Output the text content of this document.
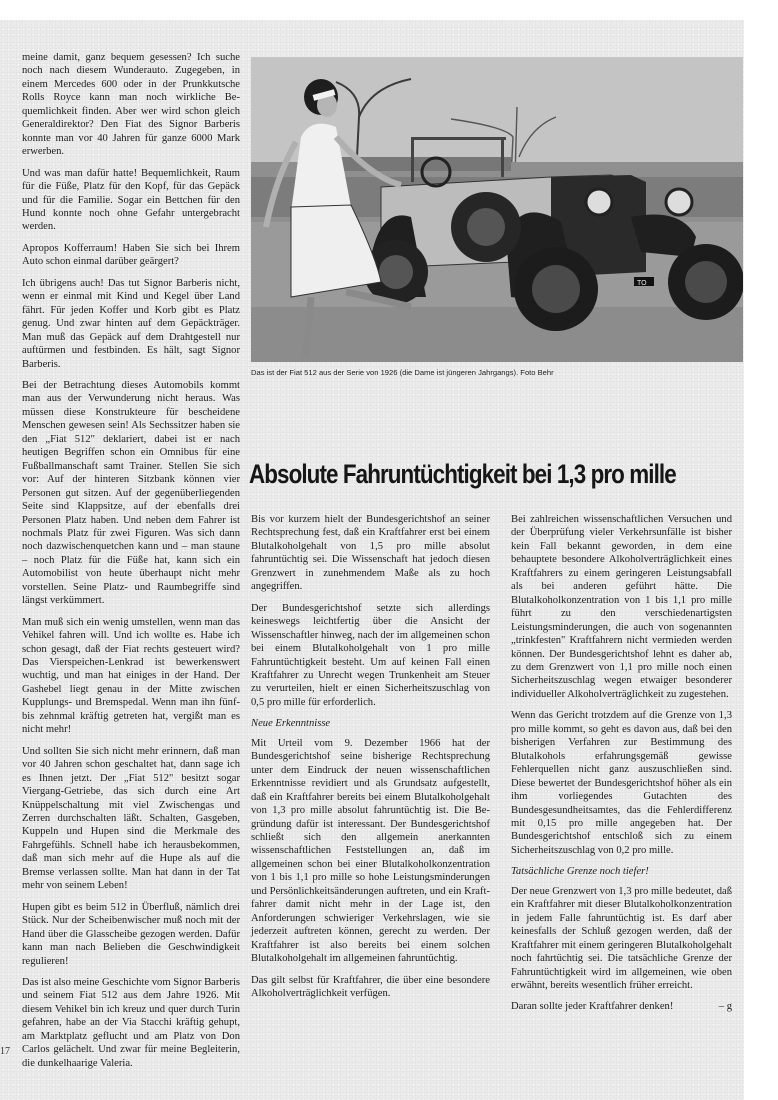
meine damit, ganz bequem gesessen? Ich suche noch nach diesem Wunderauto. Zugegeben, in einem Mercedes 600 oder in der Prunkkutsche Rolls Royce kann man noch wirkliche Bequemlichkeit finden. Aber wer wird schon gleich Generaldirektor? Den Fiat des Signor Barberis konnte man vor 40 Jahren für ganze 6000 Mark erwerben.

Und was man dafür hatte! Bequemlichkeit, Raum für die Füße, Platz für den Kopf, für das Gepäck und für die Familie. Sogar ein Bettchen für den Hund konnte noch ohne Gefahr untergebracht werden.

Apropos Kofferraum! Haben Sie sich bei Ihrem Auto schon einmal darüber geärgert?

Ich übrigens auch! Das tut Signor Barberis nicht, wenn er einmal mit Kind und Kegel über Land fährt. Für jeden Koffer und Korb gibt es Platz genug. Und zwar hinten auf dem Gepäckträger. Man muß das Gepäck auf dem Drahtgestell nur auftürmen und festbinden. Es hält, sagt Signor Barberis.

Bei der Betrachtung dieses Automobils kommt man aus der Verwunderung nicht heraus. Was müssen diese Konstrukteure für bescheidene Menschen gewesen sein! Als Sechssitzer haben sie den „Fiat 512" deklariert, dabei ist er nach heutigen Begriffen schon ein Omnibus für eine Fußballmanschaft samt Trainer. Stellen Sie sich vor: Auf der hinteren Sitzbank können vier Personen gut sitzen. Auf der gegenüberliegenden Seite sind Klappsitze, auf der ebenfalls drei Personen Platz haben. Und neben dem Fahrer ist nochmals Platz für zwei Figuren. Was sich dann noch dazwischenquetchen kann und – man staune – noch Platz für die Füße hat, kann sich ein Automobilist von heute überhaupt nicht mehr vorstellen. Seine Platz- und Raumbegriffe sind längst verkümmert.

Man muß sich ein wenig umstellen, wenn man das Vehikel fahren will. Und ich wollte es. Habe ich schon gesagt, daß der Fiat rechts gesteuert wird? Das Vierspeichen-Lenkrad ist bewerkenswert wuchtig, und man hat einiges in der Hand. Der Gashebel liegt genau in der Mitte zwischen Kupplungs- und Bremspedal. Wenn man ihn fünf- bis zehnmal kräftig getreten hat, vergißt man es nicht mehr!

Und sollten Sie sich nicht mehr erinnern, daß man vor 40 Jahren schon geschaltet hat, dann sage ich es Ihnen jetzt. Der „Fiat 512" besitzt sogar Viergang-Getriebe, das sich durch eine Art Knüppelschaltung mit viel Zwischengas und Zerren durchschalten läßt. Schalten, Gasgeben, Kuppeln und Hupen sind die Merkmale des Fahrgefühls. Schnell habe ich herausbekommen, daß man sich mehr auf die Hupe als auf die Bremse verlassen sollte. Man hat dann in der Tat mehr von seinem Leben!

Hupen gibt es beim 512 in Überfluß, nämlich drei Stück. Nur der Scheibenwischer muß noch mit der Hand über die Glasscheibe gezogen werden. Dafür kann man nach Belieben die Geschwindigkeit regulieren!

Das ist also meine Geschichte vom Signor Barberis und seinem Fiat 512 aus dem Jahre 1926. Mit diesem Vehikel bin ich kreuz und quer durch Turin gefahren, habe an der Via Stacchi kräftig gehupt, am Marktplatz geflucht und am Platz von Don Carlos gelächelt. Und zwar für meine Begleiterin, die dunkelhaarige Valeria.

17
TO
Das ist der Fiat 512 aus der Serie von 1926 (die Dame ist jüngeren Jahrgangs). Foto Behr
Absolute Fahruntüchtigkeit bei 1,3 pro mille

Bis vor kurzem hielt der Bundesgerichtshof an seiner Rechtsprechung fest, daß ein Kraftfahrer erst bei einem Blutalkoholgehalt von 1,5 pro mille absolut fahruntüchtig sei. Die Wissenschaft hat jedoch diesen Grenzwert in zunehmendem Maße als zu hoch angegriffen.

Der Bundesgerichtshof setzte sich allerdings keineswegs leichtfertig über die Ansicht der Wissenschaftler hinweg, nach der im allgemeinen schon bei einem Blutalkoholgehalt von 1 pro mille Fahruntüchtigkeit besteht. Um auf keinen Fall einen Kraftfahrer zu Unrecht wegen Trunkenheit am Steuer zu verurteilen, hielt er einen Sicherheitszuschlag von 0,5 pro mille für erforderlich.

Neue Erkenntnisse

Mit Urteil vom 9. Dezember 1966 hat der Bundesgerichtshof seine bisherige Rechtsprechung unter dem Eindruck der neuen wissenschaftlichen Erkenntnisse revidiert und als Grundsatz aufgestellt, daß ein Kraftfahrer bereits bei einem Blutalkoholgehalt von 1,3 pro mille absolut fahruntüchtig ist. Die Begründung dafür ist interessant. Der Bundesgerichtshof schließt sich den allgemein anerkannten wissenschaftlichen Feststellungen an, daß im allgemeinen schon bei einer Blutalkoholkonzentration von 1 bis 1,1 pro mille so hohe Leistungsminderungen und Persönlichkeitsänderungen auftreten, und ein Kraftfahrer damit nicht mehr in der Lage ist, den Anforderungen schwieriger Verkehrslagen, wie sie jederzeit auftreten können, gerecht zu werden. Der Kraftfahrer ist also bereits bei einem solchen Blutalkoholgehalt im allgemeinen fahruntüchtig.

Das gilt selbst für Kraftfahrer, die über eine besondere Alkoholverträglichkeit verfügen.

Bei zahlreichen wissenschaftlichen Versuchen und der Überprüfung vieler Verkehrsunfälle ist bisher kein Fall bekannt geworden, in dem eine behauptete besondere Alkoholverträglichkeit eines Kraftfahrers zu einem geringeren Leistungsabfall als bei anderen geführt hätte. Die Blutalkoholkonzentration von 1 bis 1,1 pro mille führt zu den verschiedenartigsten Leistungsminderungen, die auch von sogenannten „trinkfesten" Kraftfahrern nicht vermieden werden können. Der Bundesgerichtshof lehnt es daher ab, zu dem Grenzwert von 1,1 pro mille noch einen Sicherheitszuschlag wegen etwaiger besonderer individueller Alkoholverträglichkeit zu zugestehen.

Wenn das Gericht trotzdem auf die Grenze von 1,3 pro mille kommt, so geht es davon aus, daß bei den bisherigen Verfahren zur Bestimmung des Blutalkohols erfahrungsgemäß gewisse Fehlerquellen nicht ganz auszuschließen sind. Diese bewertet der Bundesgerichtshof höher als ein ihm vorliegendes Gutachten des Bundesgesundheitsamtes, das die Fehlerdifferenz mit 0,15 pro mille angegeben hat. Der Bundesgerichtshof entschloß sich zu einem Sicherheitszuschlag von 0,2 pro mille.

Tatsächliche Grenze noch tiefer!

Der neue Grenzwert von 1,3 pro mille bedeutet, daß ein Kraftfahrer mit dieser Blutalkoholkonzentration in jedem Falle fahruntüchtig ist. Es darf aber keinesfalls der Schluß gezogen werden, daß der Kraftfahrer mit einem geringeren Blutalkoholgehalt noch fahrtüchtig sei. Die tatsächliche Grenze der Fahruntüchtigkeit wird im allgemeinen, wie oben erwähnt, bereits wesentlich früher erreicht.

Daran sollte jeder Kraftfahrer denken!	– g
